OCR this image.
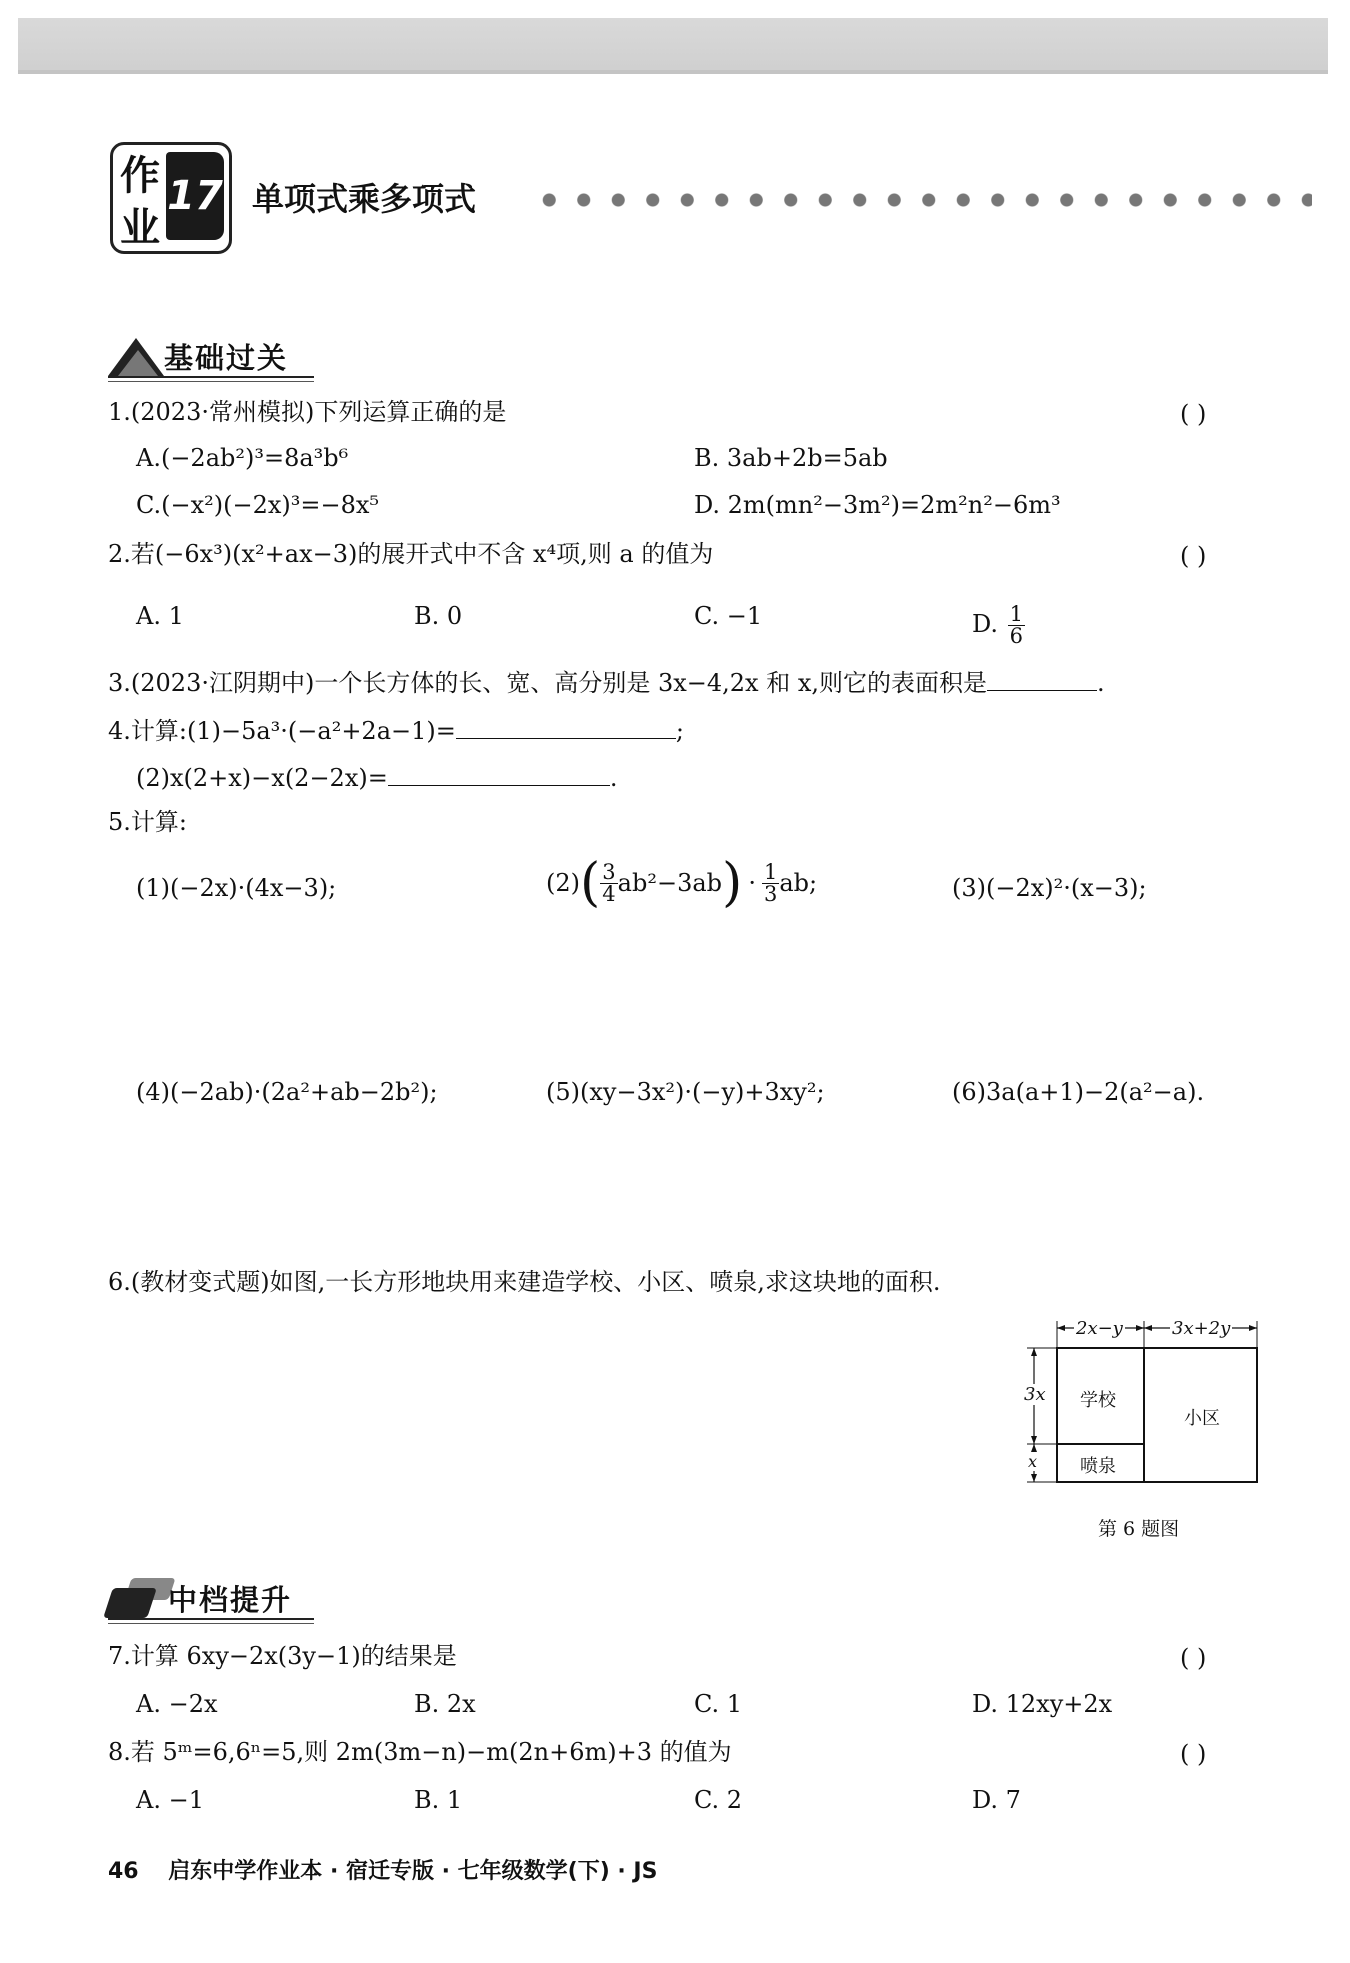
作
业
17 单项式乘多项式
基础过关
1.(2023·常州模拟)下列运算正确的是	( )
A.(−2ab²)³=8a³b⁶	B. 3ab+2b=5ab
C.(−x²)(−2x)³=−8x⁵	D. 2m(mn²−3m²)=2m²n²−6m³
2.若(−6x³)(x²+ax−3)的展开式中不含 x⁴项,则 a 的值为	( )
A. 1	B. 0	C. −1	D. $\frac{1}{6}$
3.(2023·江阴期中)一个长方体的长、宽、高分别是 3x−4,2x 和 x,则它的表面积是	.
4.计算:(1)−5a³·(−a²+2a−1)=	;
(2)x(2+x)−x(2−2x)=	.
5.计算:
(1)(−2x)·(4x−3);	(2) ( 3
4 ab²−3ab ) · 1
3 ab;	(3)(−2x)²·(x−3);
(4)(−2ab)·(2a²+ab−2b²);	(5)(xy−3x²)·(−y)+3xy²;	(6)3a(a+1)−2(a²−a).
6.(教材变式题)如图,一长方形地块用来建造学校、小区、喷泉,求这块地的面积.
2x−y	3x+2y
3x
x
学校
小区
喷泉
第 6 题图
中档提升
7.计算 6xy−2x(3y−1)的结果是	( )
A. −2x	B. 2x	C. 1	D. 12xy+2x
8.若 5ᵐ=6,6ⁿ=5,则 2m(3m−n)−m(2n+6m)+3 的值为	( )
A. −1	B. 1	C. 2	D. 7
46 启东中学作业本 · 宿迁专版 · 七年级数学(下) · JS
